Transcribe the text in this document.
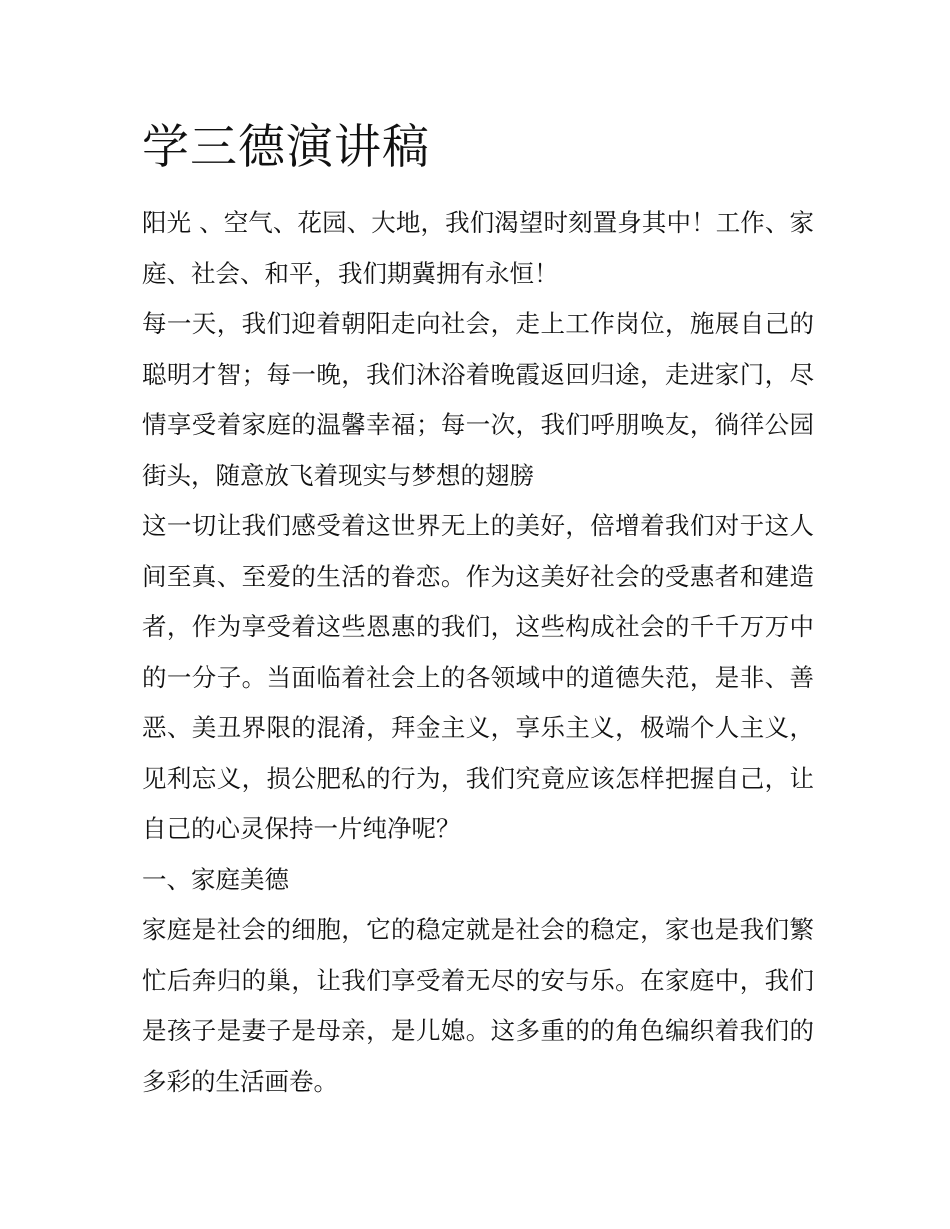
学三德演讲稿

阳光 、空气、花园、大地，我们渴望时刻置身其中！工作、家庭、社会、和平，我们期冀拥有永恒！

每一天，我们迎着朝阳走向社会，走上工作岗位，施展自己的聪明才智；每一晚，我们沐浴着晚霞返回归途，走进家门，尽情享受着家庭的温馨幸福；每一次，我们呼朋唤友，徜徉公园街头，随意放飞着现实与梦想的翅膀

这一切让我们感受着这世界无上的美好，倍增着我们对于这人间至真、至爱的生活的眷恋。作为这美好社会的受惠者和建造者，作为享受着这些恩惠的我们，这些构成社会的千千万万中的一分子。当面临着社会上的各领域中的道德失范，是非、善恶、美丑界限的混淆，拜金主义，享乐主义，极端个人主义，见利忘义，损公肥私的行为，我们究竟应该怎样把握自己，让自己的心灵保持一片纯净呢？

一、家庭美德

家庭是社会的细胞，它的稳定就是社会的稳定，家也是我们繁忙后奔归的巢，让我们享受着无尽的安与乐。在家庭中，我们是孩子是妻子是母亲，是儿媳。这多重的的角色编织着我们的多彩的生活画卷。
